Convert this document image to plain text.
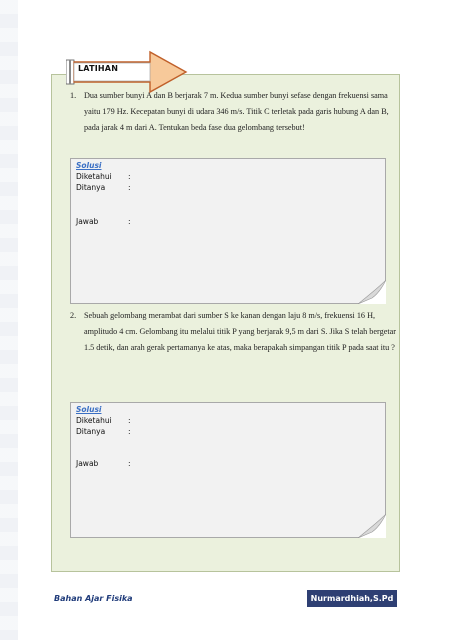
LATIHAN
1. Dua sumber bunyi A dan B berjarak 7 m. Kedua sumber bunyi sefase dengan frekuensi sama yaitu 179 Hz. Kecepatan bunyi di udara 346 m/s. Titik C terletak pada garis hubung A dan B, pada jarak 4 m dari A. Tentukan beda fase dua gelombang tersebut!
Solusi
Diketahui :
Ditanya	:
Jawab	:
2. Sebuah gelombang merambat dari sumber S ke kanan dengan laju 8 m/s, frekuensi 16 H, amplitudo 4 cm. Gelombang itu melalui titik P yang berjarak 9,5 m dari S. Jika S telah bergetar 1.5 detik, dan arah gerak pertamanya ke atas, maka berapakah simpangan titik P pada saat itu ?
Solusi
Diketahui :
Ditanya	:
Jawab	:
Bahan Ajar Fisika	Nurmardhiah,S.Pd
